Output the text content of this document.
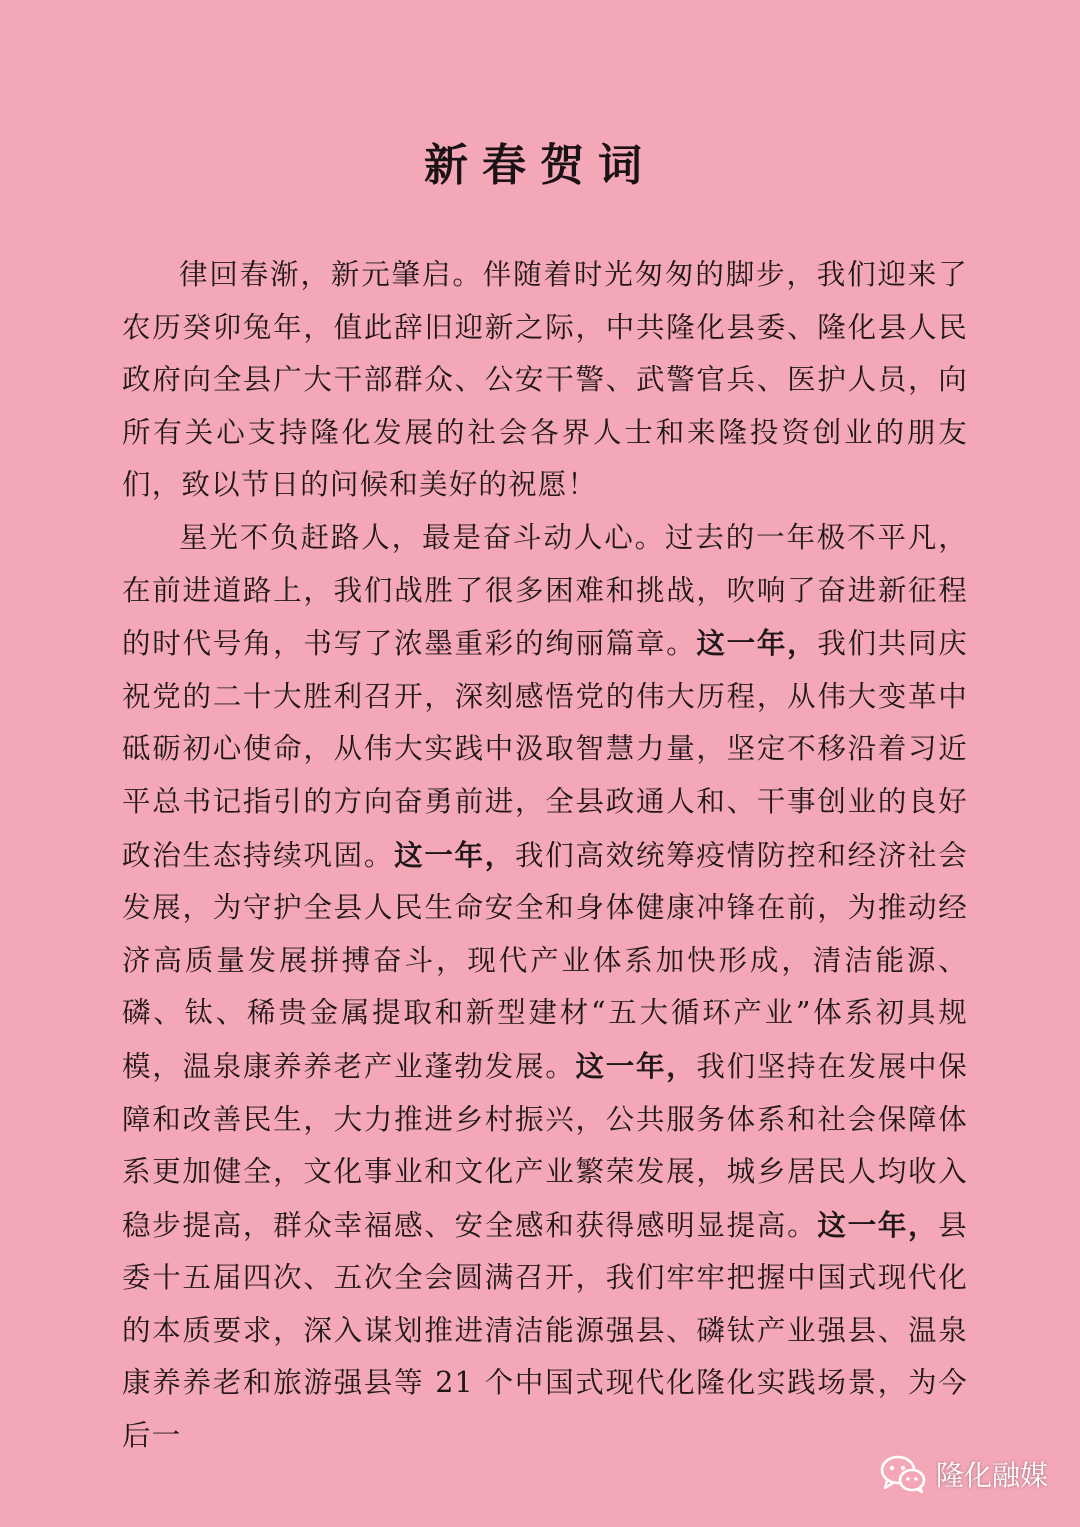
新春贺词

律回春渐，新元肇启。伴随着时光匆匆的脚步，我们迎来了农历癸卯兔年，值此辞旧迎新之际，中共隆化县委、隆化县人民政府向全县广大干部群众、公安干警、武警官兵、医护人员，向所有关心支持隆化发展的社会各界人士和来隆投资创业的朋友们，致以节日的问候和美好的祝愿！

星光不负赶路人，最是奋斗动人心。过去的一年极不平凡，在前进道路上，我们战胜了很多困难和挑战，吹响了奋进新征程的时代号角，书写了浓墨重彩的绚丽篇章。这一年，我们共同庆祝党的二十大胜利召开，深刻感悟党的伟大历程，从伟大变革中砥砺初心使命，从伟大实践中汲取智慧力量，坚定不移沿着习近平总书记指引的方向奋勇前进，全县政通人和、干事创业的良好政治生态持续巩固。这一年，我们高效统筹疫情防控和经济社会发展，为守护全县人民生命安全和身体健康冲锋在前，为推动经济高质量发展拼搏奋斗，现代产业体系加快形成，清洁能源、磷、钛、稀贵金属提取和新型建材“五大循环产业”体系初具规模，温泉康养养老产业蓬勃发展。这一年，我们坚持在发展中保障和改善民生，大力推进乡村振兴，公共服务体系和社会保障体系更加健全，文化事业和文化产业繁荣发展，城乡居民人均收入稳步提高，群众幸福感、安全感和获得感明显提高。这一年，县委十五届四次、五次全会圆满召开，我们牢牢把握中国式现代化的本质要求，深入谋划推进清洁能源强县、磷钛产业强县、温泉康养养老和旅游强县等 21 个中国式现代化隆化实践场景，为今后一

隆化融媒
